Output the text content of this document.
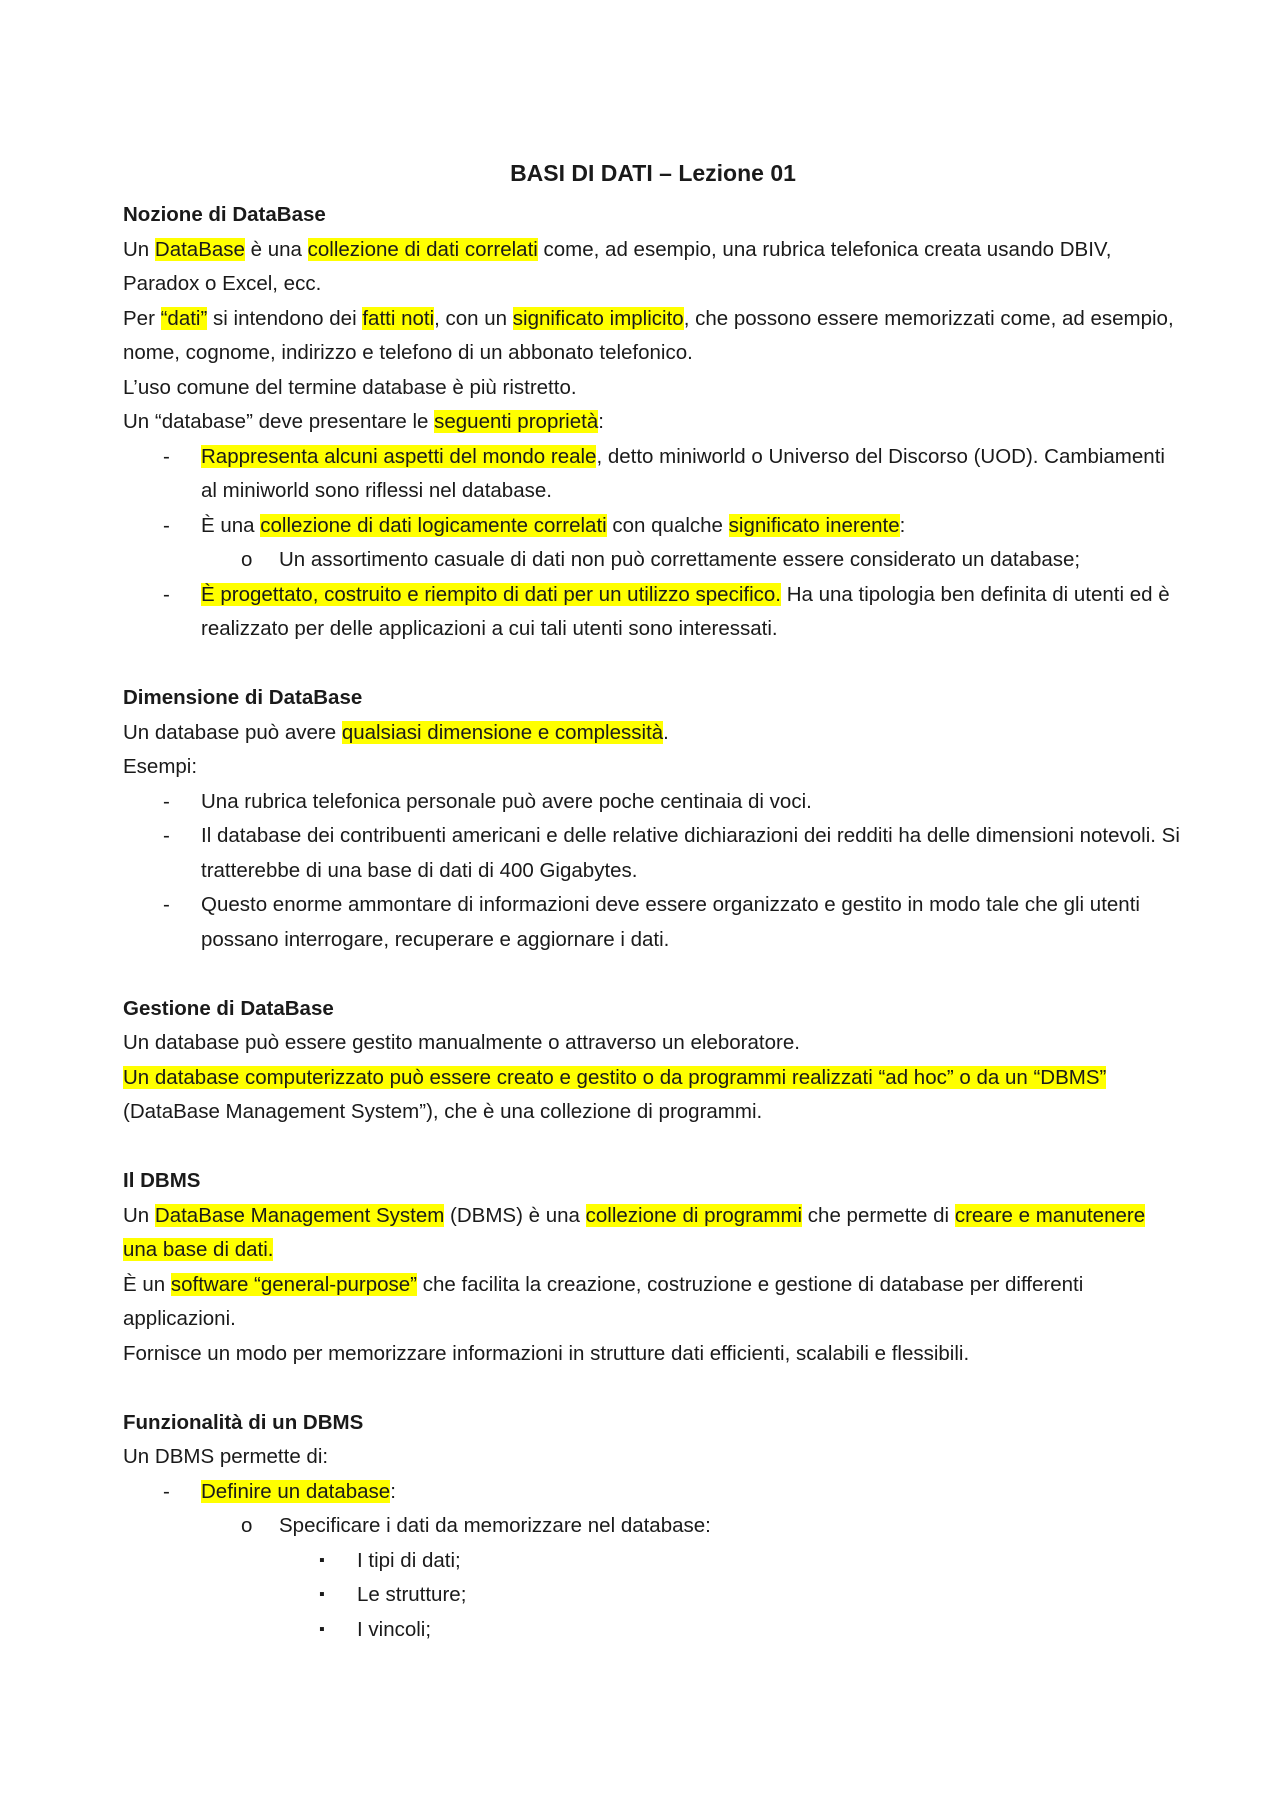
BASI DI DATI – Lezione 01
Nozione di DataBase
Un DataBase è una collezione di dati correlati come, ad esempio, una rubrica telefonica creata usando DBIV, Paradox o Excel, ecc.
Per “dati” si intendono dei fatti noti, con un significato implicito, che possono essere memorizzati come, ad esempio, nome, cognome, indirizzo e telefono di un abbonato telefonico.
L’uso comune del termine database è più ristretto.
Un “database” deve presentare le seguenti proprietà:
- Rappresenta alcuni aspetti del mondo reale, detto miniworld o Universo del Discorso (UOD). Cambiamenti al miniworld sono riflessi nel database.
- È una collezione di dati logicamente correlati con qualche significato inerente:
o Un assortimento casuale di dati non può correttamente essere considerato un database;
- È progettato, costruito e riempito di dati per un utilizzo specifico. Ha una tipologia ben definita di utenti ed è realizzato per delle applicazioni a cui tali utenti sono interessati.
Dimensione di DataBase
Un database può avere qualsiasi dimensione e complessità.
Esempi:
- Una rubrica telefonica personale può avere poche centinaia di voci.
- Il database dei contribuenti americani e delle relative dichiarazioni dei redditi ha delle dimensioni notevoli. Si tratterebbe di una base di dati di 400 Gigabytes.
- Questo enorme ammontare di informazioni deve essere organizzato e gestito in modo tale che gli utenti possano interrogare, recuperare e aggiornare i dati.
Gestione di DataBase
Un database può essere gestito manualmente o attraverso un eleboratore.
Un database computerizzato può essere creato e gestito o da programmi realizzati “ad hoc” o da un “DBMS” (DataBase Management System”), che è una collezione di programmi.
Il DBMS
Un DataBase Management System (DBMS) è una collezione di programmi che permette di creare e manutenere una base di dati.
È un software “general-purpose” che facilita la creazione, costruzione e gestione di database per differenti applicazioni.
Fornisce un modo per memorizzare informazioni in strutture dati efficienti, scalabili e flessibili.
Funzionalità di un DBMS
Un DBMS permette di:
- Definire un database:
o Specificare i dati da memorizzare nel database:
▪ I tipi di dati;
▪ Le strutture;
▪ I vincoli;
